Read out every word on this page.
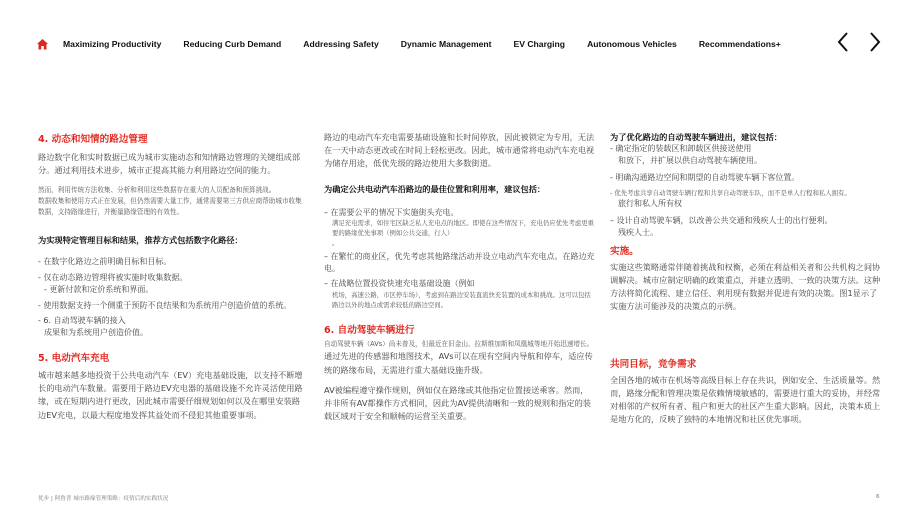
Maximizing Productivity	Reducing Curb Demand	Addressing Safety	Dynamic Management	EV Charging	Autonomous Vehicles	Recommendations+
4. 动态和知情的路边管理
路边数字化和实时数据已成为城市实施动态和知情路边管理的关键组成部分。通过利用技术进步，城市正提高其能力利用路边空间的能力。
然而，利用传统方法收集、分析和利用这些数据存在重大的人员配备和预算挑战。
数据收集和使用方式正在发展，但仍然需要大量工作，通常需要第三方供应商帮助城市收集数据，支持路缘进行，并衡量路缘管理的有效性。
为实现特定管理目标和结果，推荐方式包括数字化路径：
- 在数字化路边之前明确目标和目标。
- 仅在动态路边管理将被实施时收集数据。
- 更新付款和定价系统和界面。
- 使用数据支持一个侧重于预防不良结果和为系统用户创造价值的系统。
- 6. 自动驾驶车辆的接入
成果和为系统用户创造价值。
5. 电动汽车充电
城市越来越多地投资于公共电动汽车（EV）充电基础设施，以支持不断增长的电动汽车数量。需要用于路边EV充电器的基础设施不允许灵活使用路缘，或在短期内进行更改，因此城市需要仔细规划如何以及在哪里安装路边EV充电，以最大程度地发挥其益处而不侵犯其他重要事项。
路边的电动汽车充电需要基础设施和长时间停放，因此被锁定为专用，无法在一天中动态更改或在时间上轻松更改。因此，城市通常将电动汽车充电视为储存用途，低优先级的路边使用大多数街道。
为确定公共电动汽车沿路边的最佳位置和利用率，建议包括：
– 在需要公平的情况下实施街头充电。
满足充电需求，如住宅区缺乏私人充电点的地区。即使在这些情况下，充电仍应优先考虑更重要的路缘优先事项（例如公共交通，行人）
。
– 在繁忙的商业区，优先考虑其他路缘活动并设立电动汽车充电点。在路边充电。
– 在战略位置投资快速充电基础设施（例如
机场，高速公路，市区停车场），考虑到在路边安装直流快充装置的成本和挑战。这可以包括路边以外的地点或需求较低的路边空间。
6. 自动驾驶车辆进行
自动驾驶车辆（AVs）尚未普及，但最近在旧金山、拉斯维加斯和凤凰城等地开始迅速增长。
通过先进的传感器和地图技术，AVs可以在现有空间内导航和停车，适应传统的路缘布局，无需进行重大基础设施升级。
AV被编程遵守操作规则，例如仅在路缘或其他指定位置接送乘客。然而，并非所有AV都操作方式相同，因此为AV提供清晰和一致的规则和指定的装载区域对于安全和顺畅的运营至关重要。
为了优化路边的自动驾驶车辆进出，建议包括：
- 确定指定的装载区和卸载区供接送使用
和放下，并扩展以供自动驾驶车辆使用。
- 明确沟通路边空间和期望的自动驾驶车辆下客位置。
- 优先考虑共享自动驾驶车辆行程和共享自动驾驶车队，而不是单人行程和私人拥有。
旅行和私人所有权
– 设计自动驾驶车辆，以改善公共交通和残疾人士的出行便利。
残疾人士。
实施。
实施这些策略通常伴随着挑战和权衡，必须在利益相关者和公共机构之间协调解决。城市应制定明确的政策重点，并建立透明、一致的决策方法。这种方法将简化流程、建立信任、利用现有数据并促进有效的决策。图1显示了实施方法可能涉及的决策点的示例。
共同目标，竞争需求
全国各地的城市在机场等高级目标上存在共识，例如安全、生活质量等。然而，路缘分配和管理决策是依赖情境敏感的，需要进行重大的妥协，并经常对相邻的产权所有者、租户和更大的社区产生重大影响。因此，决策本质上是地方化的，反映了独特的本地情况和社区优先事项。
优步 | 阿鲁普 城市路缘管理策略：疫情后的实践状况	6
